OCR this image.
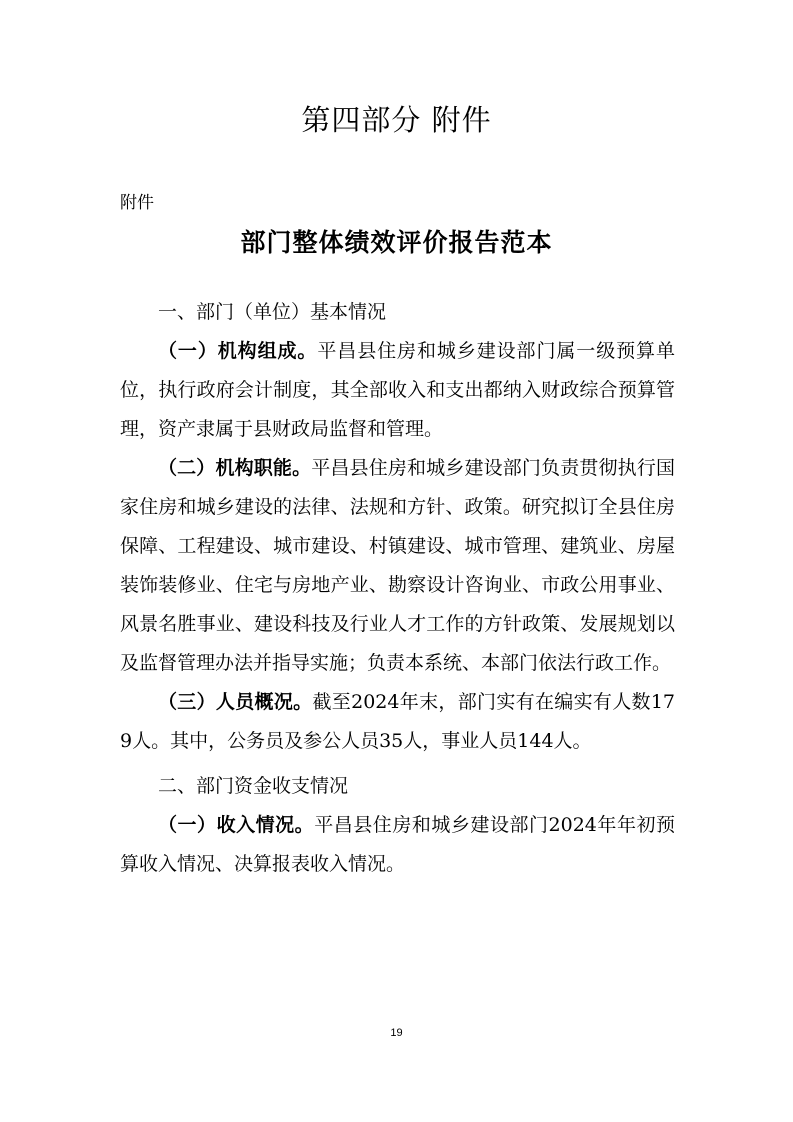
第四部分 附件
附件
部门整体绩效评价报告范本
一、部门（单位）基本情况

（一）机构组成。平昌县住房和城乡建设部门属一级预算单位，执行政府会计制度，其全部收入和支出都纳入财政综合预算管理，资产隶属于县财政局监督和管理。

（二）机构职能。平昌县住房和城乡建设部门负责贯彻执行国家住房和城乡建设的法律、法规和方针、政策。研究拟订全县住房保障、工程建设、城市建设、村镇建设、城市管理、建筑业、房屋装饰装修业、住宅与房地产业、勘察设计咨询业、市政公用事业、风景名胜事业、建设科技及行业人才工作的方针政策、发展规划以及监督管理办法并指导实施；负责本系统、本部门依法行政工作。

（三）人员概况。截至2024年末，部门实有在编实有人数179人。其中，公务员及参公人员35人，事业人员144人。

二、部门资金收支情况

（一）收入情况。平昌县住房和城乡建设部门2024年年初预算收入情况、决算报表收入情况。

19
